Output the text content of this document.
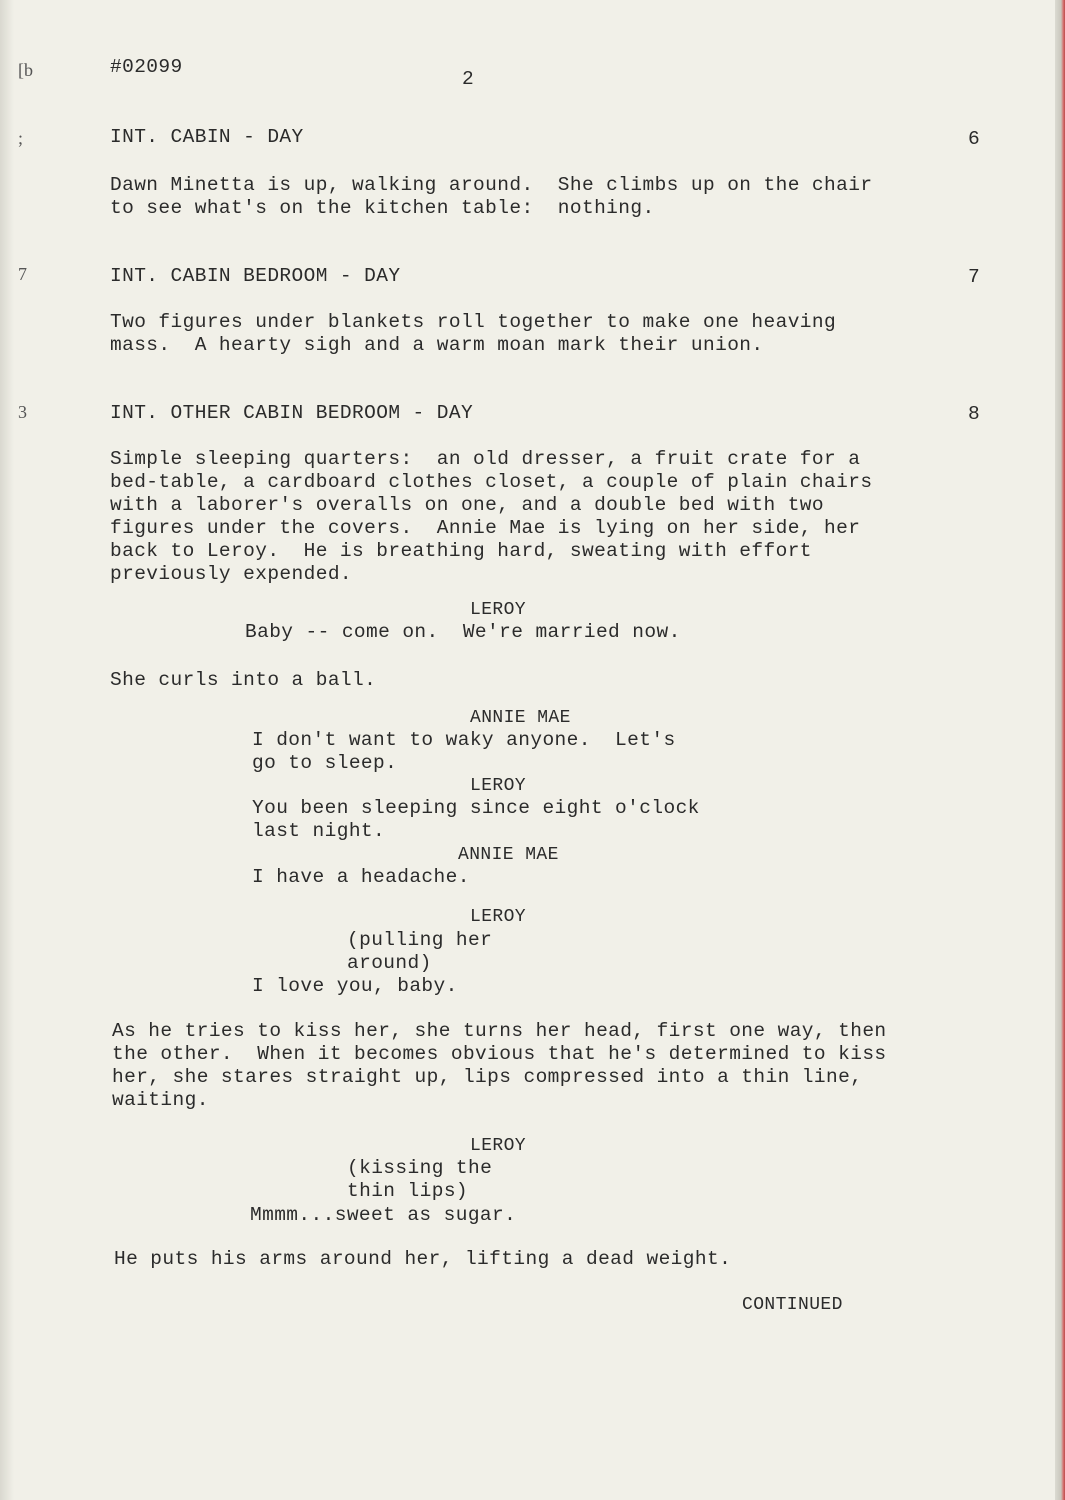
[b
;
7
3
#02099
2
INT. CABIN - DAY	6
Dawn Minetta is up, walking around.  She climbs up on the chair
to see what's on the kitchen table:  nothing.
INT. CABIN BEDROOM - DAY	7
Two figures under blankets roll together to make one heaving
mass.  A hearty sigh and a warm moan mark their union.
INT. OTHER CABIN BEDROOM - DAY	8
Simple sleeping quarters:  an old dresser, a fruit crate for a
bed-table, a cardboard clothes closet, a couple of plain chairs
with a laborer's overalls on one, and a double bed with two
figures under the covers.  Annie Mae is lying on her side, her
back to Leroy.  He is breathing hard, sweating with effort
previously expended.
LEROY
Baby -- come on.  We're married now.
She curls into a ball.
ANNIE MAE
I don't want to waky anyone.  Let's
go to sleep.
LEROY
You been sleeping since eight o'clock
last night.
ANNIE MAE
I have a headache.
LEROY
(pulling her
around)
I love you, baby.
As he tries to kiss her, she turns her head, first one way, then
the other.  When it becomes obvious that he's determined to kiss
her, she stares straight up, lips compressed into a thin line,
waiting.
LEROY
(kissing the
thin lips)
Mmmm...sweet as sugar.
He puts his arms around her, lifting a dead weight.
CONTINUED
